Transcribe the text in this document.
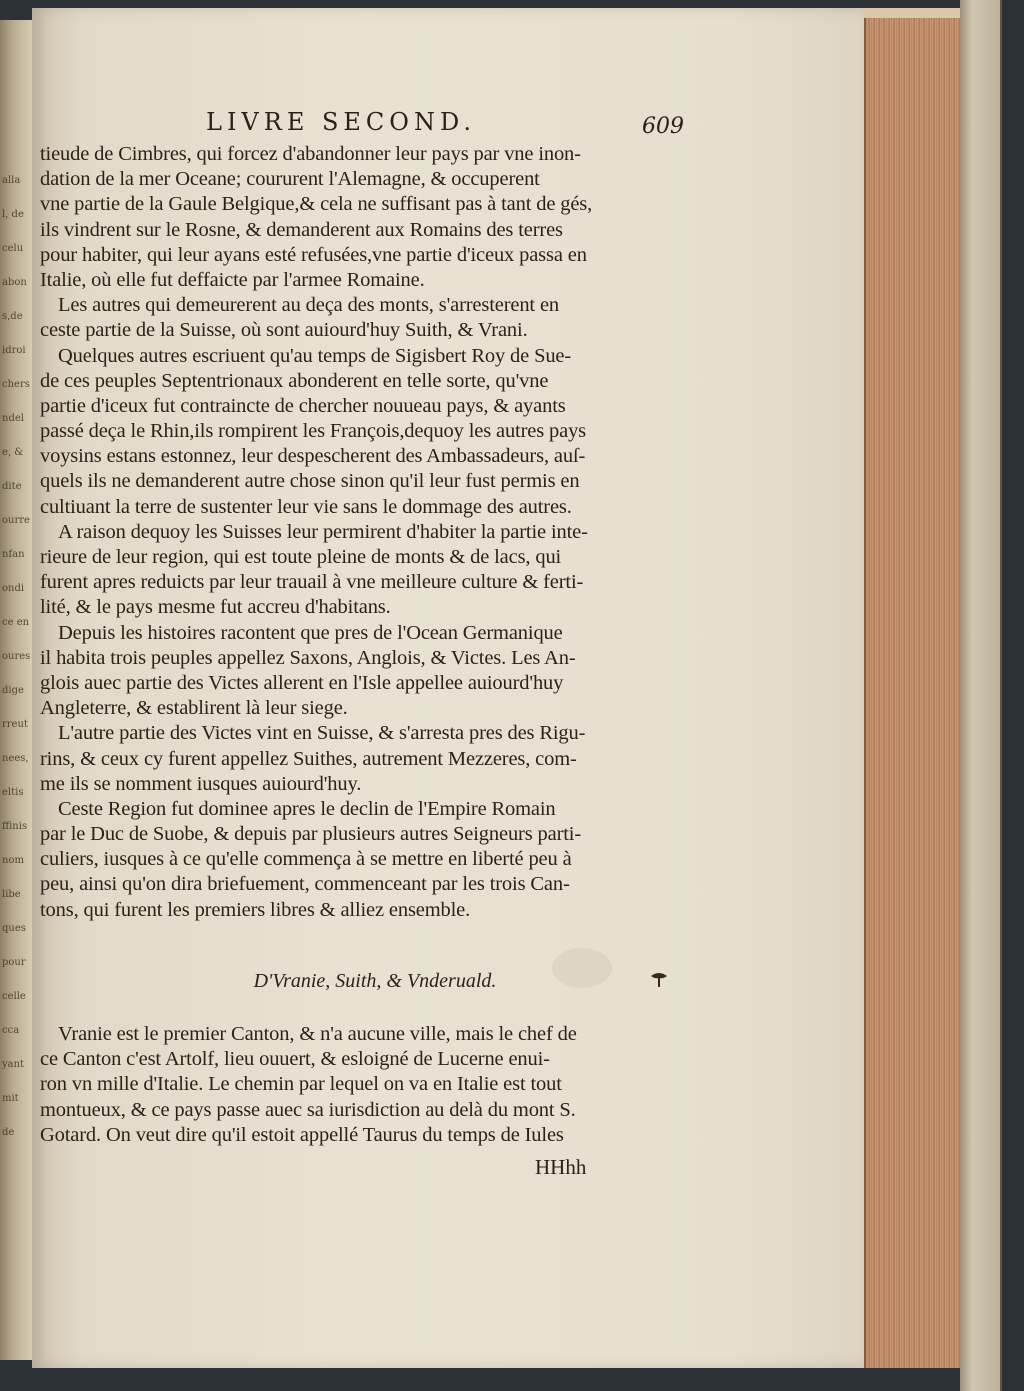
alla
l, de
celu
abon
s,de
idroi
chers
ndel
e, &
dite
ourre
nfan
ondi
ce en
oures
dige
rreut
nees,
eltis
ffinis
nom
libe
ques
pour
celle
cca
yant
mit
de
LIVRE SECOND.	609
tieude de Cimbres, qui forcez d'abandonner leur pays par vne inon-
dation de la mer Oceane; coururent l'Alemagne, & occuperent
vne partie de la Gaule Belgique,& cela ne suffisant pas à tant de gés,
ils vindrent sur le Rosne, & demanderent aux Romains des terres
pour habiter, qui leur ayans esté refusées,vne partie d'iceux passa en
Italie, où elle fut deffaicte par l'armee Romaine.
Les autres qui demeurerent au deça des monts, s'arresterent en
ceste partie de la Suisse, où sont auiourd'huy Suith, & Vrani.
Quelques autres escriuent qu'au temps de Sigisbert Roy de Sue-
de ces peuples Septentrionaux abonderent en telle sorte, qu'vne
partie d'iceux fut contraincte de chercher nouueau pays, & ayants
passé deça le Rhin,ils rompirent les François,dequoy les autres pays
voysins estans estonnez, leur despescherent des Ambassadeurs, auſ-
quels ils ne demanderent autre chose sinon qu'il leur fust permis en
cultiuant la terre de sustenter leur vie sans le dommage des autres.
A raison dequoy les Suisses leur permirent d'habiter la partie inte-
rieure de leur region, qui est toute pleine de monts & de lacs, qui
furent apres reduicts par leur trauail à vne meilleure culture & ferti-
lité, & le pays mesme fut accreu d'habitans.
Depuis les histoires racontent que pres de l'Ocean Germanique
il habita trois peuples appellez Saxons, Anglois, & Victes. Les An-
glois auec partie des Victes allerent en l'Isle appellee auiourd'huy
Angleterre, & establirent là leur siege.
L'autre partie des Victes vint en Suisse, & s'arresta pres des Rigu-
rins, & ceux cy furent appellez Suithes, autrement Mezzeres, com-
me ils se nomment iusques auiourd'huy.
Ceste Region fut dominee apres le declin de l'Empire Romain
par le Duc de Suobe, & depuis par plusieurs autres Seigneurs parti-
culiers, iusques à ce qu'elle commença à se mettre en liberté peu à
peu, ainsi qu'on dira briefuement, commenceant par les trois Can-
tons, qui furent les premiers libres & alliez ensemble.
D'Vranie, Suith, & Vnderuald.
Vranie est le premier Canton, & n'a aucune ville, mais le chef de
ce Canton c'est Artolf, lieu ouuert, & esloigné de Lucerne enui-
ron vn mille d'Italie. Le chemin par lequel on va en Italie est tout
montueux, & ce pays passe auec sa iurisdiction au delà du mont S.
Gotard. On veut dire qu'il estoit appellé Taurus du temps de Iules
HHhh
